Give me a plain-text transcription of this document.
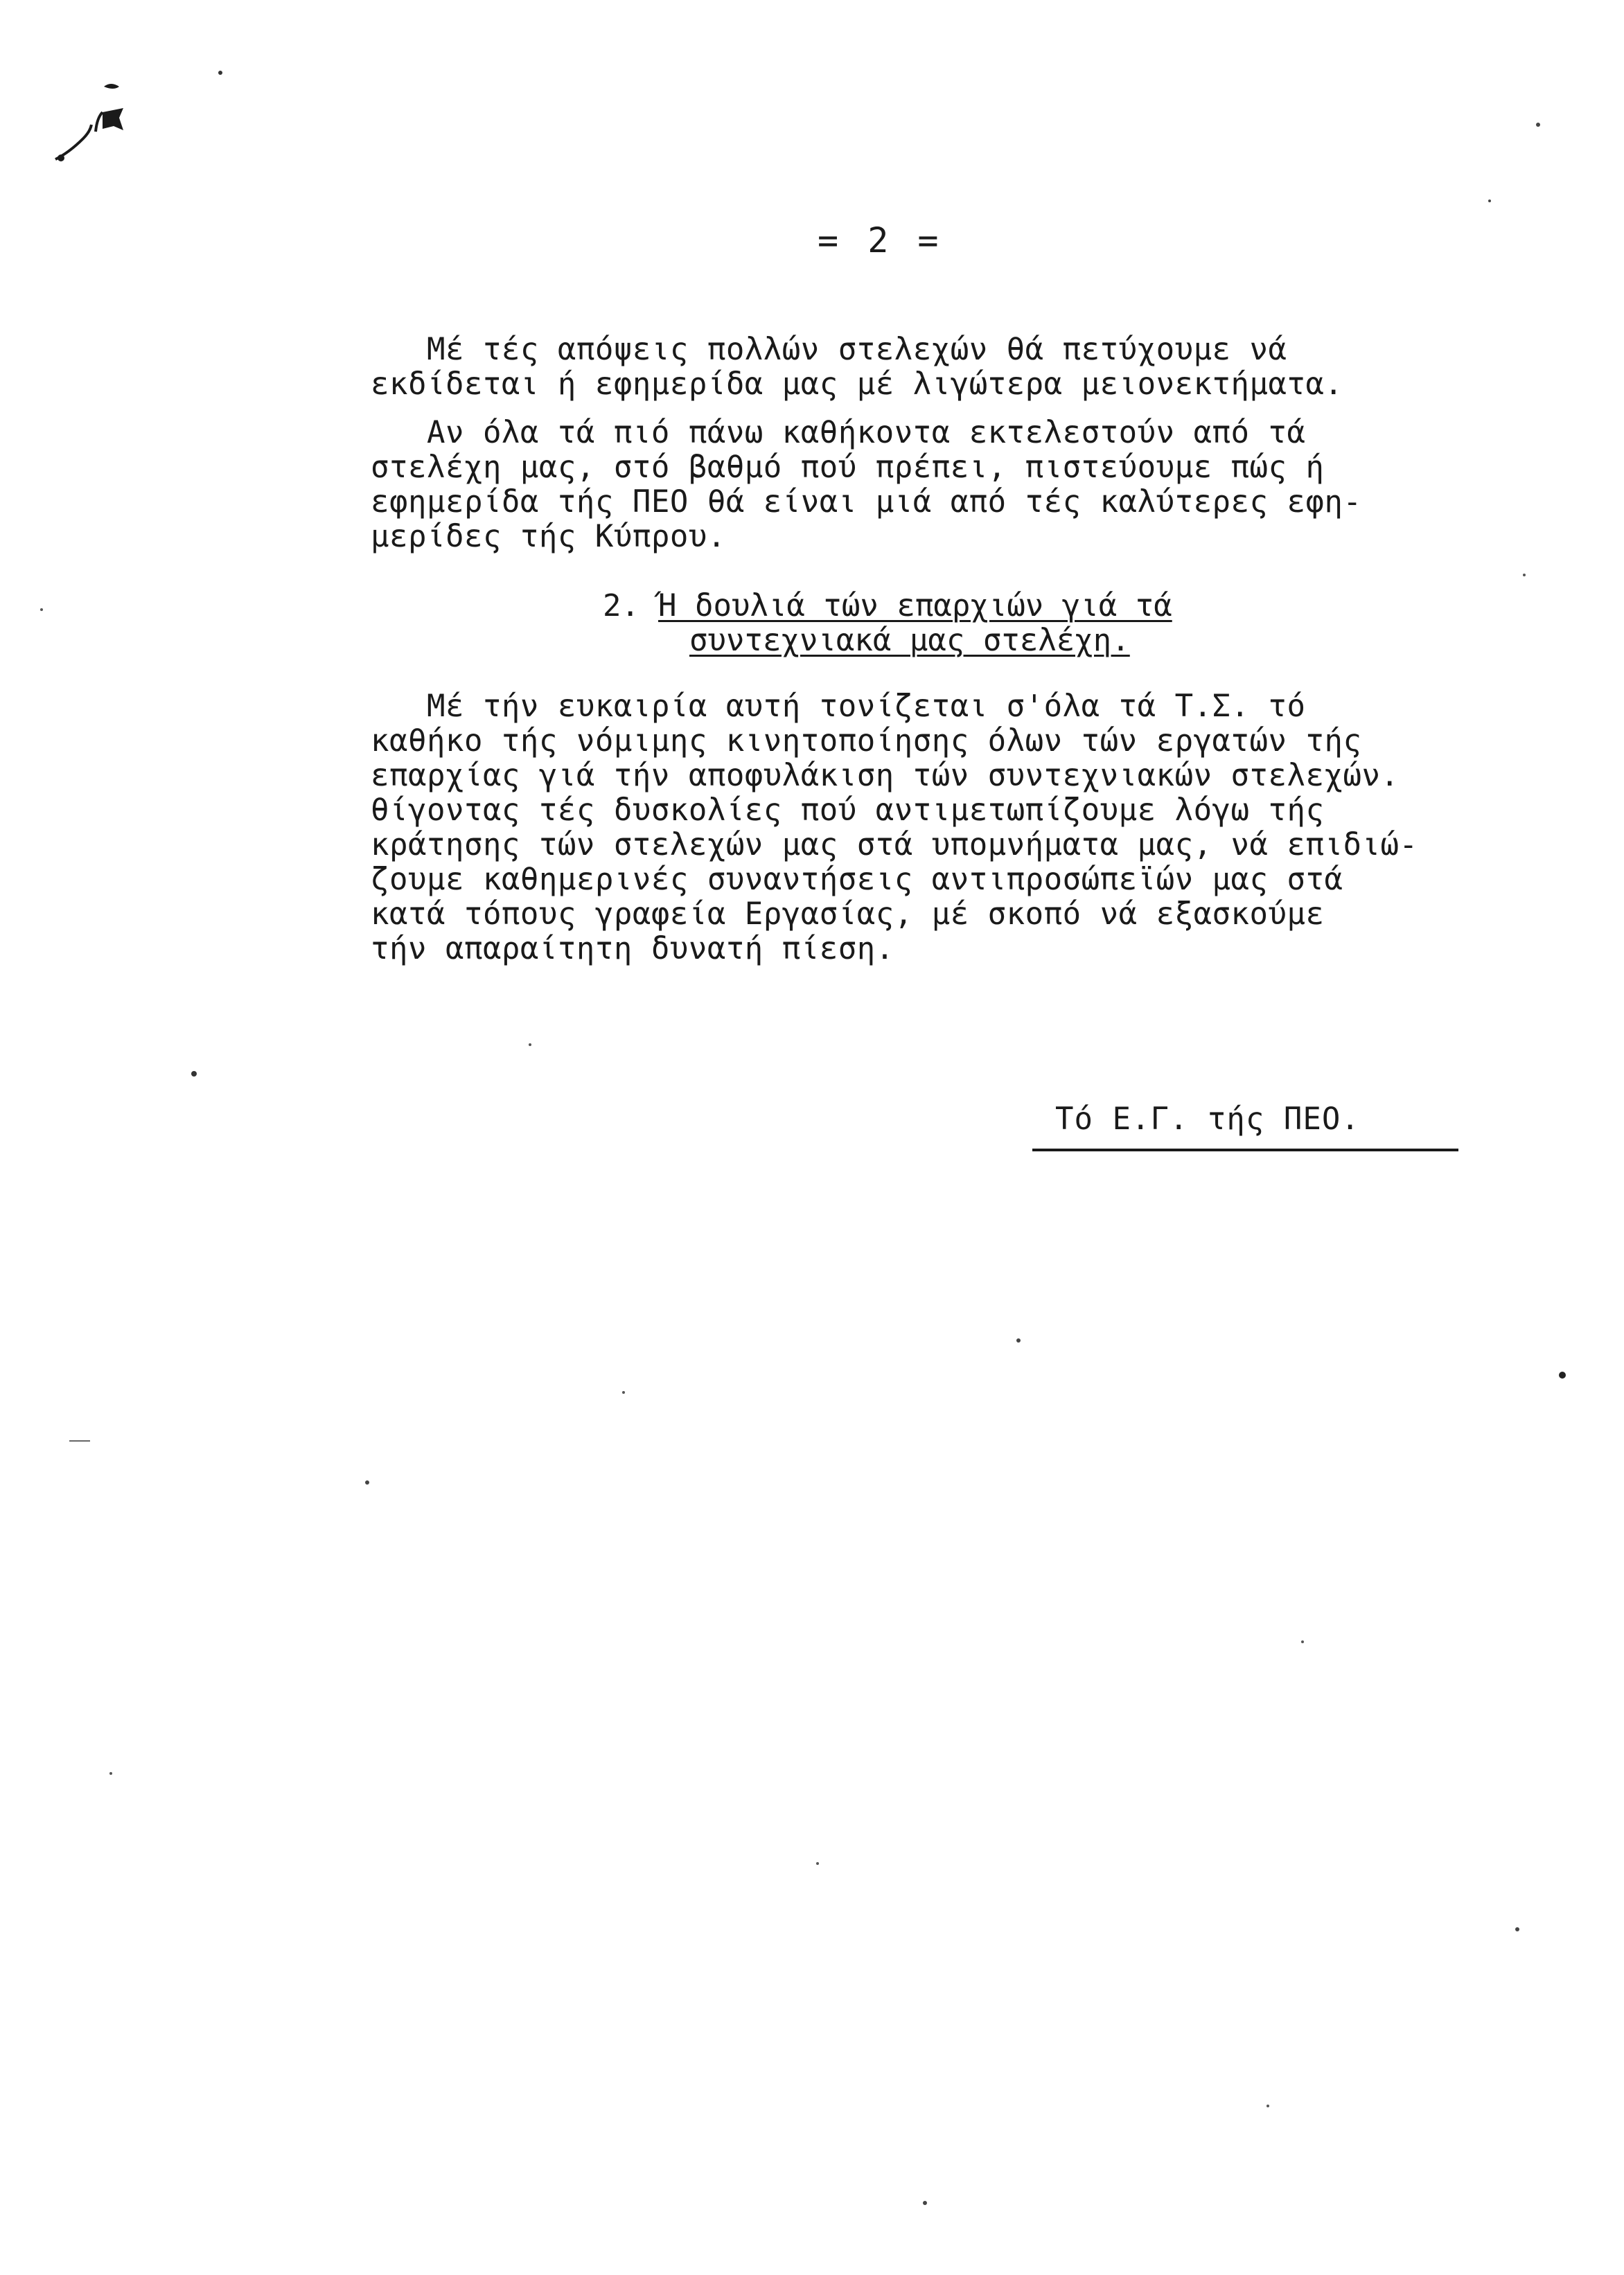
= 2 =
Μέ τές απόψεις πολλών στελεχών θά πετύχουμε νά
εκδίδεται ή εφημερίδα μας μέ λιγώτερα μειονεκτήματα.
Αν όλα τά πιό πάνω καθήκοντα εκτελεστούν από τά
στελέχη μας, στό βαθμό πού πρέπει, πιστεύουμε πώς ή
εφημερίδα τής ΠΕΟ θά είναι μιά από τές καλύτερες εφη-
μερίδες τής Κύπρου.
2. Ή δουλιά τών επαρχιών γιά τά
συντεχνιακά μας στελέχη.
Μέ τήν ευκαιρία αυτή τονίζεται σ'όλα τά Τ.Σ. τό
καθήκο τής νόμιμης κινητοποίησης όλων τών εργατών τής
επαρχίας γιά τήν αποφυλάκιση τών συντεχνιακών στελεχών.
θίγοντας τές δυσκολίες πού αντιμετωπίζουμε λόγω τής
κράτησης τών στελεχών μας στά υπομνήματα μας, νά επιδιώ-
ζουμε καθημερινές συναντήσεις αντιπροσώπεϊών μας στά
κατά τόπους γραφεία Εργασίας, μέ σκοπό νά εξασκούμε
τήν απαραίτητη δυνατή πίεση.
Τό Ε.Γ. τής ΠΕΟ.
